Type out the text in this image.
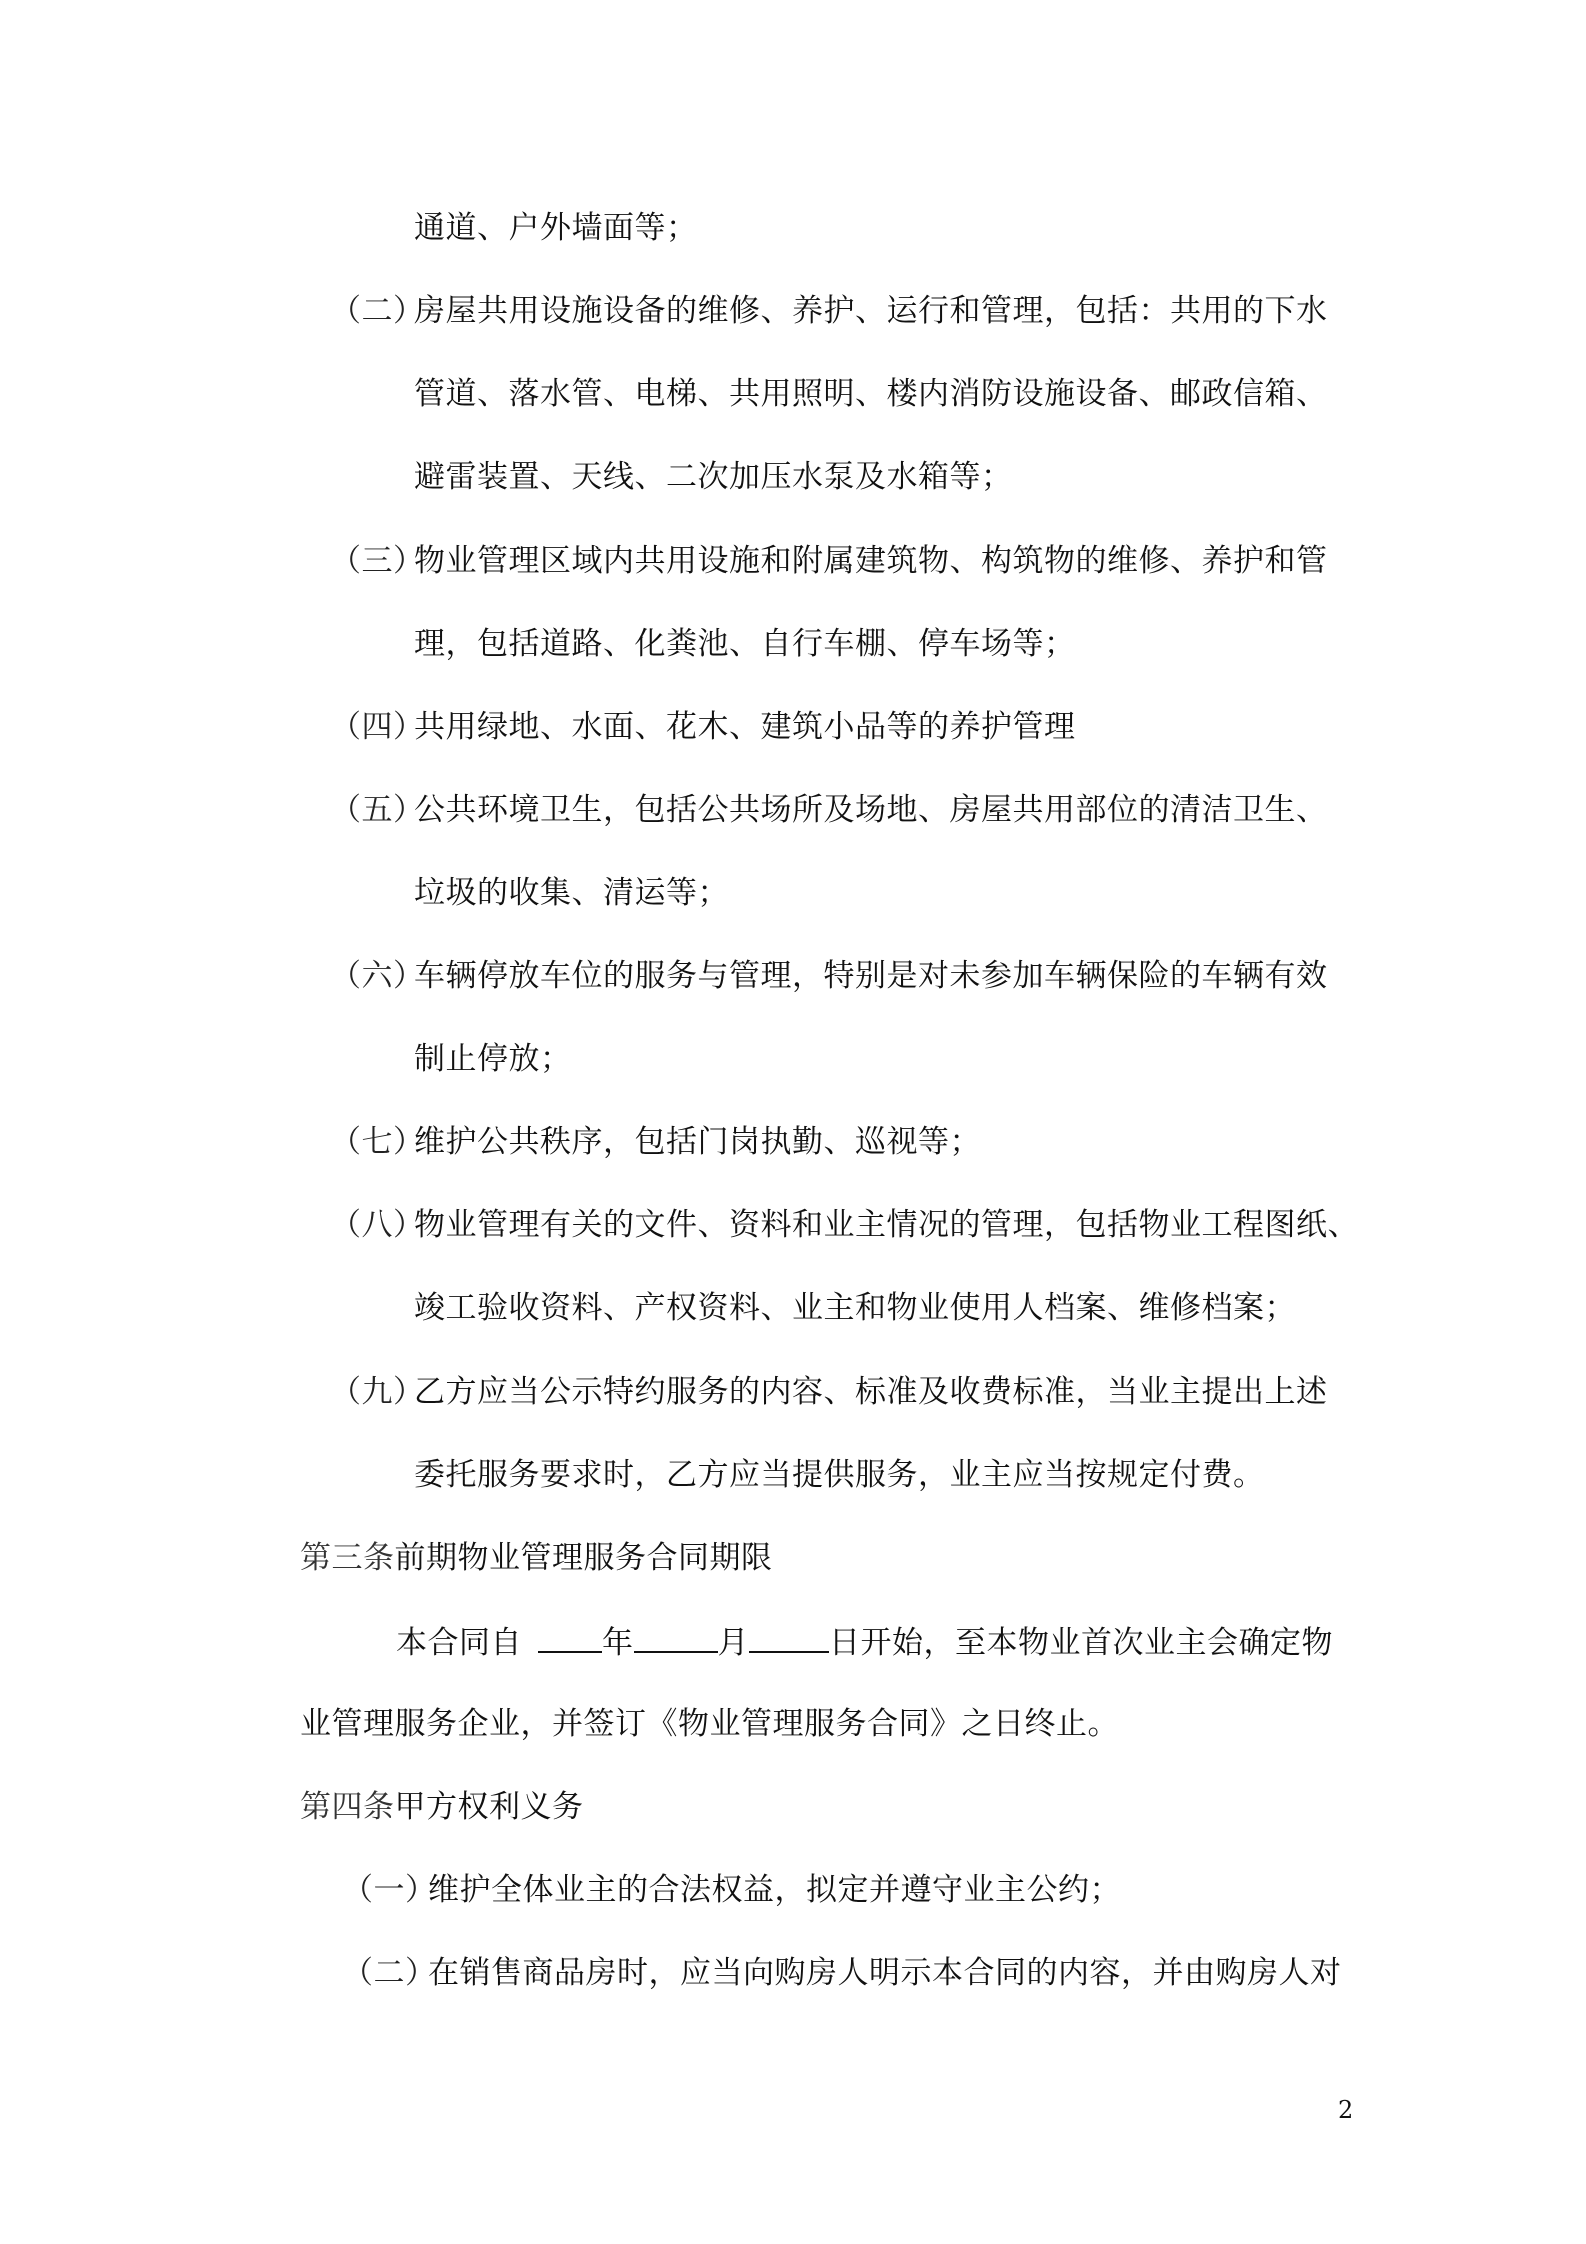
通道、户外墙面等；
（二）房屋共用设施设备的维修、养护、运行和管理，包括：共用的下水
管道、落水管、电梯、共用照明、楼内消防设施设备、邮政信箱、
避雷装置、天线、二次加压水泵及水箱等；
（三）物业管理区域内共用设施和附属建筑物、构筑物的维修、养护和管
理，包括道路、化粪池、自行车棚、停车场等；
（四）共用绿地、水面、花木、建筑小品等的养护管理
（五）公共环境卫生，包括公共场所及场地、房屋共用部位的清洁卫生、
垃圾的收集、清运等；
（六）车辆停放车位的服务与管理，特别是对未参加车辆保险的车辆有效
制止停放；
（七）维护公共秩序，包括门岗执勤、巡视等；
（八）物业管理有关的文件、资料和业主情况的管理，包括物业工程图纸、
竣工验收资料、产权资料、业主和物业使用人档案、维修档案；
（九）乙方应当公示特约服务的内容、标准及收费标准，当业主提出上述
委托服务要求时，乙方应当提供服务，业主应当按规定付费。
第三条前期物业管理服务合同期限
本合同自	年	月	日开始，至本物业首次业主会确定物
业管理服务企业，并签订《物业管理服务合同》之日终止。
第四条甲方权利义务
（一）维护全体业主的合法权益，拟定并遵守业主公约；
（二）在销售商品房时，应当向购房人明示本合同的内容，并由购房人对
2
